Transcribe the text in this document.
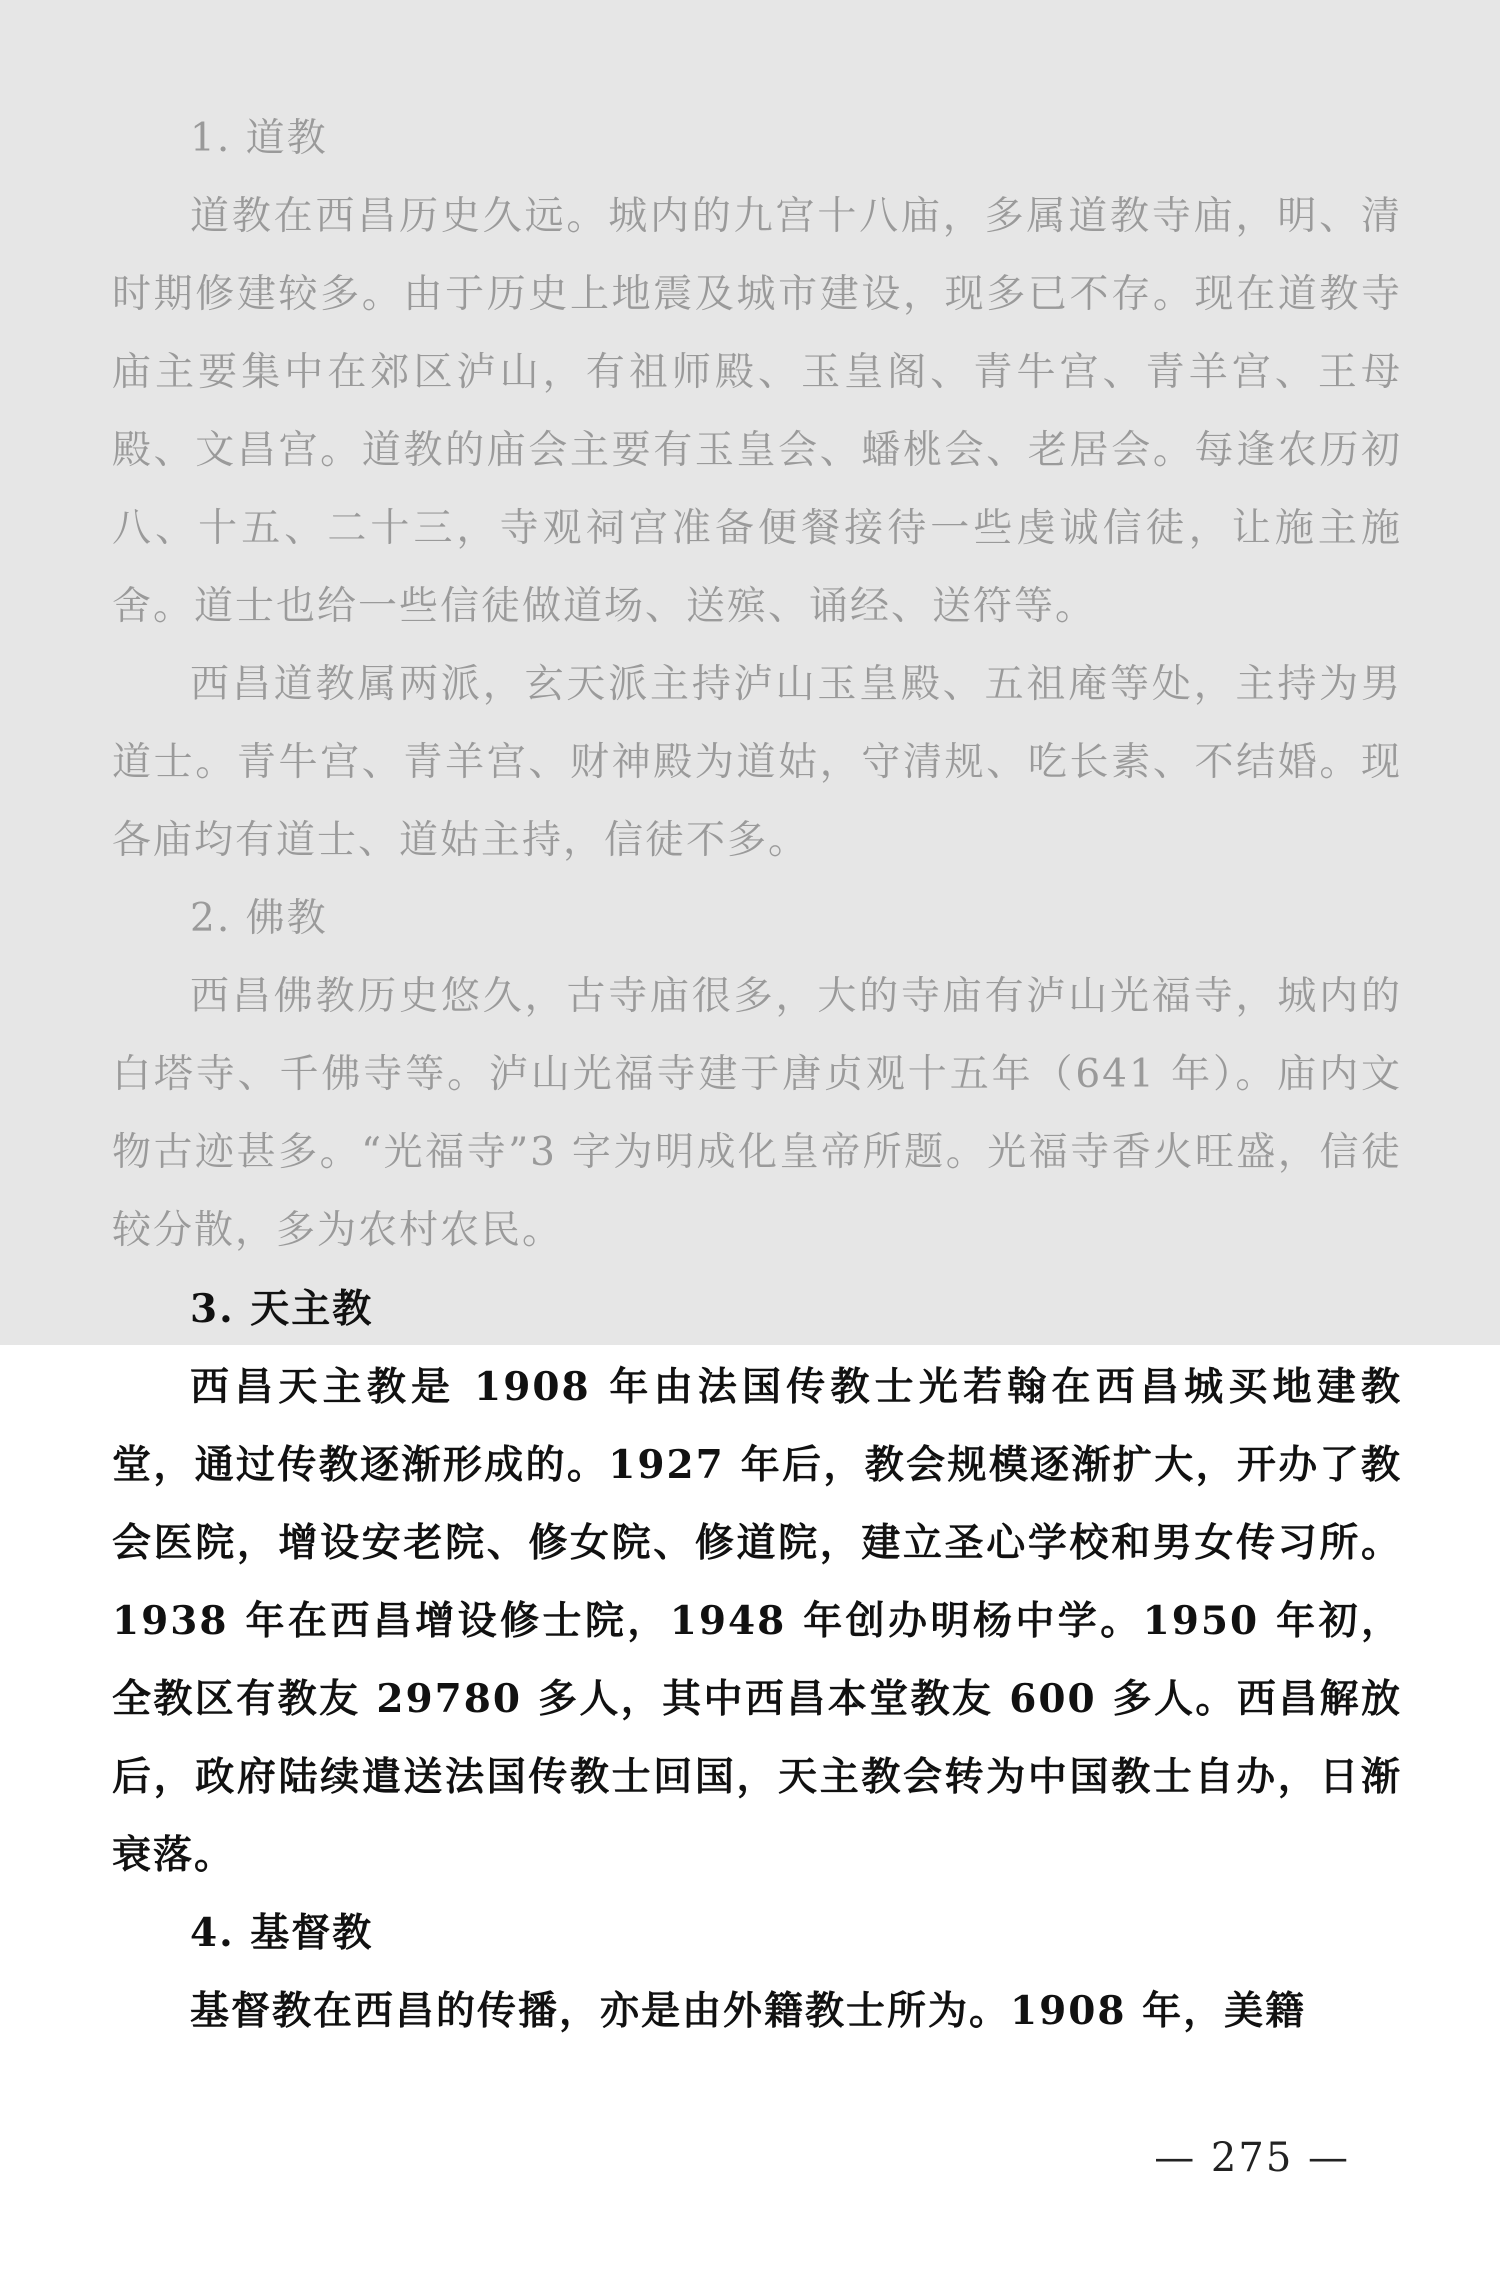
1. 道教

道教在西昌历史久远。城内的九宫十八庙，多属道教寺庙，明、清时期修建较多。由于历史上地震及城市建设，现多已不存。现在道教寺庙主要集中在郊区泸山，有祖师殿、玉皇阁、青牛宫、青羊宫、王母殿、文昌宫。道教的庙会主要有玉皇会、蟠桃会、老居会。每逢农历初八、十五、二十三，寺观祠宫准备便餐接待一些虔诚信徒，让施主施舍。道士也给一些信徒做道场、送殡、诵经、送符等。

西昌道教属两派，玄天派主持泸山玉皇殿、五祖庵等处，主持为男道士。青牛宫、青羊宫、财神殿为道姑，守清规、吃长素、不结婚。现各庙均有道士、道姑主持，信徒不多。

2. 佛教

西昌佛教历史悠久，古寺庙很多，大的寺庙有泸山光福寺，城内的白塔寺、千佛寺等。泸山光福寺建于唐贞观十五年（641 年）。庙内文物古迹甚多。“光福寺”3 字为明成化皇帝所题。光福寺香火旺盛，信徒较分散，多为农村农民。

3. 天主教

西昌天主教是 1908 年由法国传教士光若翰在西昌城买地建教堂，通过传教逐渐形成的。1927 年后，教会规模逐渐扩大，开办了教会医院，增设安老院、修女院、修道院，建立圣心学校和男女传习所。1938 年在西昌增设修士院，1948 年创办明杨中学。1950 年初，全教区有教友 29780 多人，其中西昌本堂教友 600 多人。西昌解放后，政府陆续遣送法国传教士回国，天主教会转为中国教士自办，日渐衰落。

4. 基督教

基督教在西昌的传播，亦是由外籍教士所为。1908 年，美籍

— 275 —
